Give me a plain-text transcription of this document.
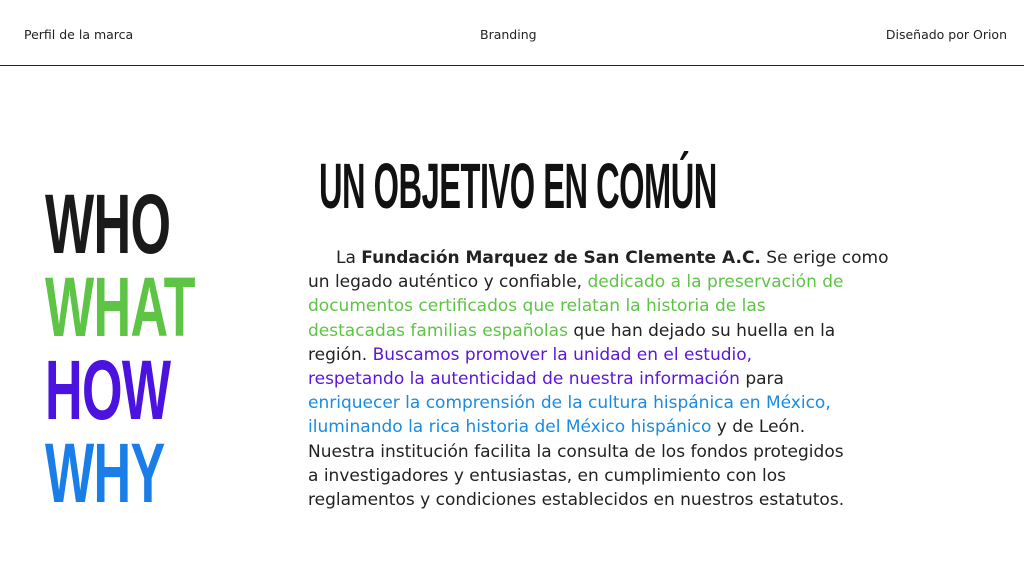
Perfil de la marca	Branding	Diseñado por Orion
WHO
WHAT
HOW
WHY
UN OBJETIVO EN COMÚN
La Fundación Marquez de San Clemente A.C. Se erige como
un legado auténtico y confiable, dedicado a la preservación de
documentos certificados que relatan la historia de las
destacadas familias españolas que han dejado su huella en la
región. Buscamos promover la unidad en el estudio,
respetando la autenticidad de nuestra información para
enriquecer la comprensión de la cultura hispánica en México,
iluminando la rica historia del México hispánico y de León.
Nuestra institución facilita la consulta de los fondos protegidos
a investigadores y entusiastas, en cumplimiento con los
reglamentos y condiciones establecidos en nuestros estatutos.
